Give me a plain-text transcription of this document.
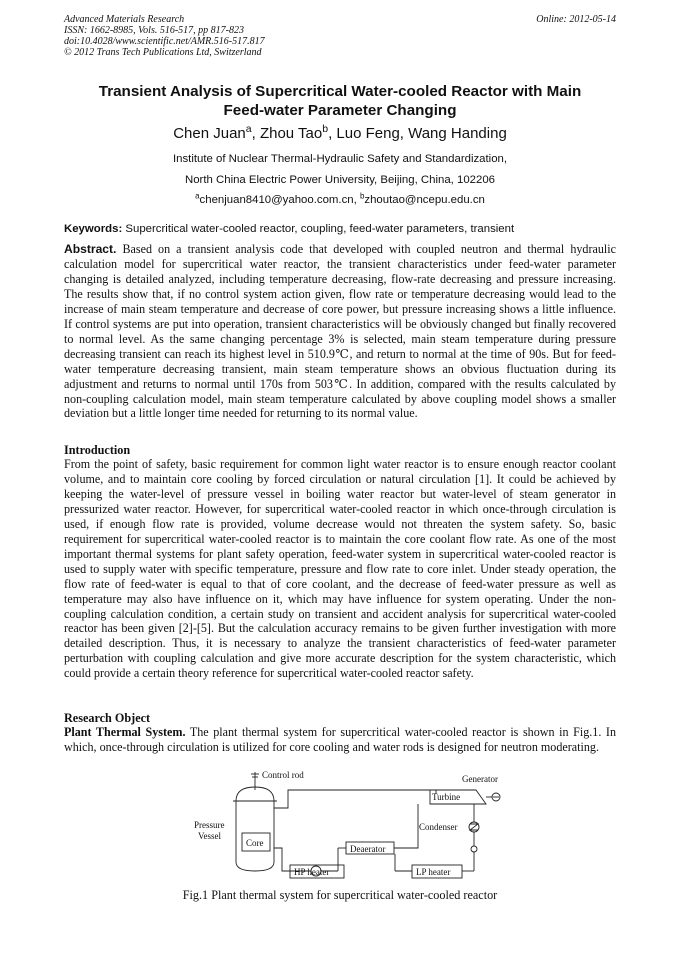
Advanced Materials Research
ISSN: 1662-8985, Vols. 516-517, pp 817-823
doi:10.4028/www.scientific.net/AMR.516-517.817
© 2012 Trans Tech Publications Ltd, Switzerland
Online: 2012-05-14
Transient Analysis of Supercritical Water-cooled Reactor with Main
Feed-water Parameter Changing
Chen Juan$^a$, Zhou Tao$^b$, Luo Feng, Wang Handing
Institute of Nuclear Thermal-Hydraulic Safety and Standardization,
North China Electric Power University, Beijing, China, 102206
$^a$chenjuan8410@yahoo.com.cn, $^b$zhoutao@ncepu.edu.cn
Keywords: Supercritical water-cooled reactor, coupling, feed-water parameters, transient

Abstract. Based on a transient analysis code that developed with coupled neutron and thermal hydraulic calculation model for supercritical water reactor, the transient characteristics under feed-water parameter changing is detailed analyzed, including temperature decreasing, flow-rate decreasing and pressure increasing. The results show that, if no control system action given, flow rate or temperature decreasing would lead to the increase of main steam temperature and decrease of core power, but pressure increasing shows a little influence. If control systems are put into operation, transient characteristics will be obviously changed but finally recovered to normal level. As the same changing percentage 3% is selected, main steam temperature during pressure decreasing transient can reach its highest level in 510.9℃, and return to normal at the time of 90s. But for feed-water temperature decreasing transient, main steam temperature shows an obvious fluctuation during its adjustment and returns to normal until 170s from 503℃. In addition, compared with the results calculated by non-coupling calculation model, main steam temperature calculated by above coupling model shows a smaller deviation but a little longer time needed for returning to its normal value.

Introduction

From the point of safety, basic requirement for common light water reactor is to ensure enough reactor coolant volume, and to maintain core cooling by forced circulation or natural circulation [1]. It could be achieved by keeping the water-level of pressure vessel in boiling water reactor but water-level of steam generator in pressurized water reactor. However, for supercritical water-cooled reactor in which once-through circulation is used, if enough flow rate is provided, volume decrease would not threaten the system safety. So, basic requirement for supercritical water-cooled reactor is to maintain the core coolant flow rate. As one of the most important thermal systems for plant safety operation, feed-water system in supercritical water-cooled reactor is used to supply water with specific temperature, pressure and flow rate to core inlet. Under steady operation, the flow rate of feed-water is equal to that of core coolant, and the decrease of feed-water pressure as well as temperature may also have influence on it, which may have influence for system operating. Under the non-coupling calculation condition, a certain study on transient and accident analysis for supercritical water-cooled reactor has been given [2]-[5]. But the calculation accuracy remains to be given further investigation with more detailed description. Thus, it is necessary to analyze the transient characteristics of feed-water parameter perturbation with coupling calculation and give more accurate description for the system characteristic, which could provide a certain theory reference for supercritical water-cooled reactor safety.

Research Object

Plant Thermal System. The plant thermal system for supercritical water-cooled reactor is shown in Fig.1. In which, once-through circulation is utilized for core cooling and water rods is designed for neutron moderating.

Control rod	Generator
Turbine
Pressure
Vessel
Core
Condenser
Deaerator
HP heater	LP heater
Fig.1 Plant thermal system for supercritical water-cooled reactor
